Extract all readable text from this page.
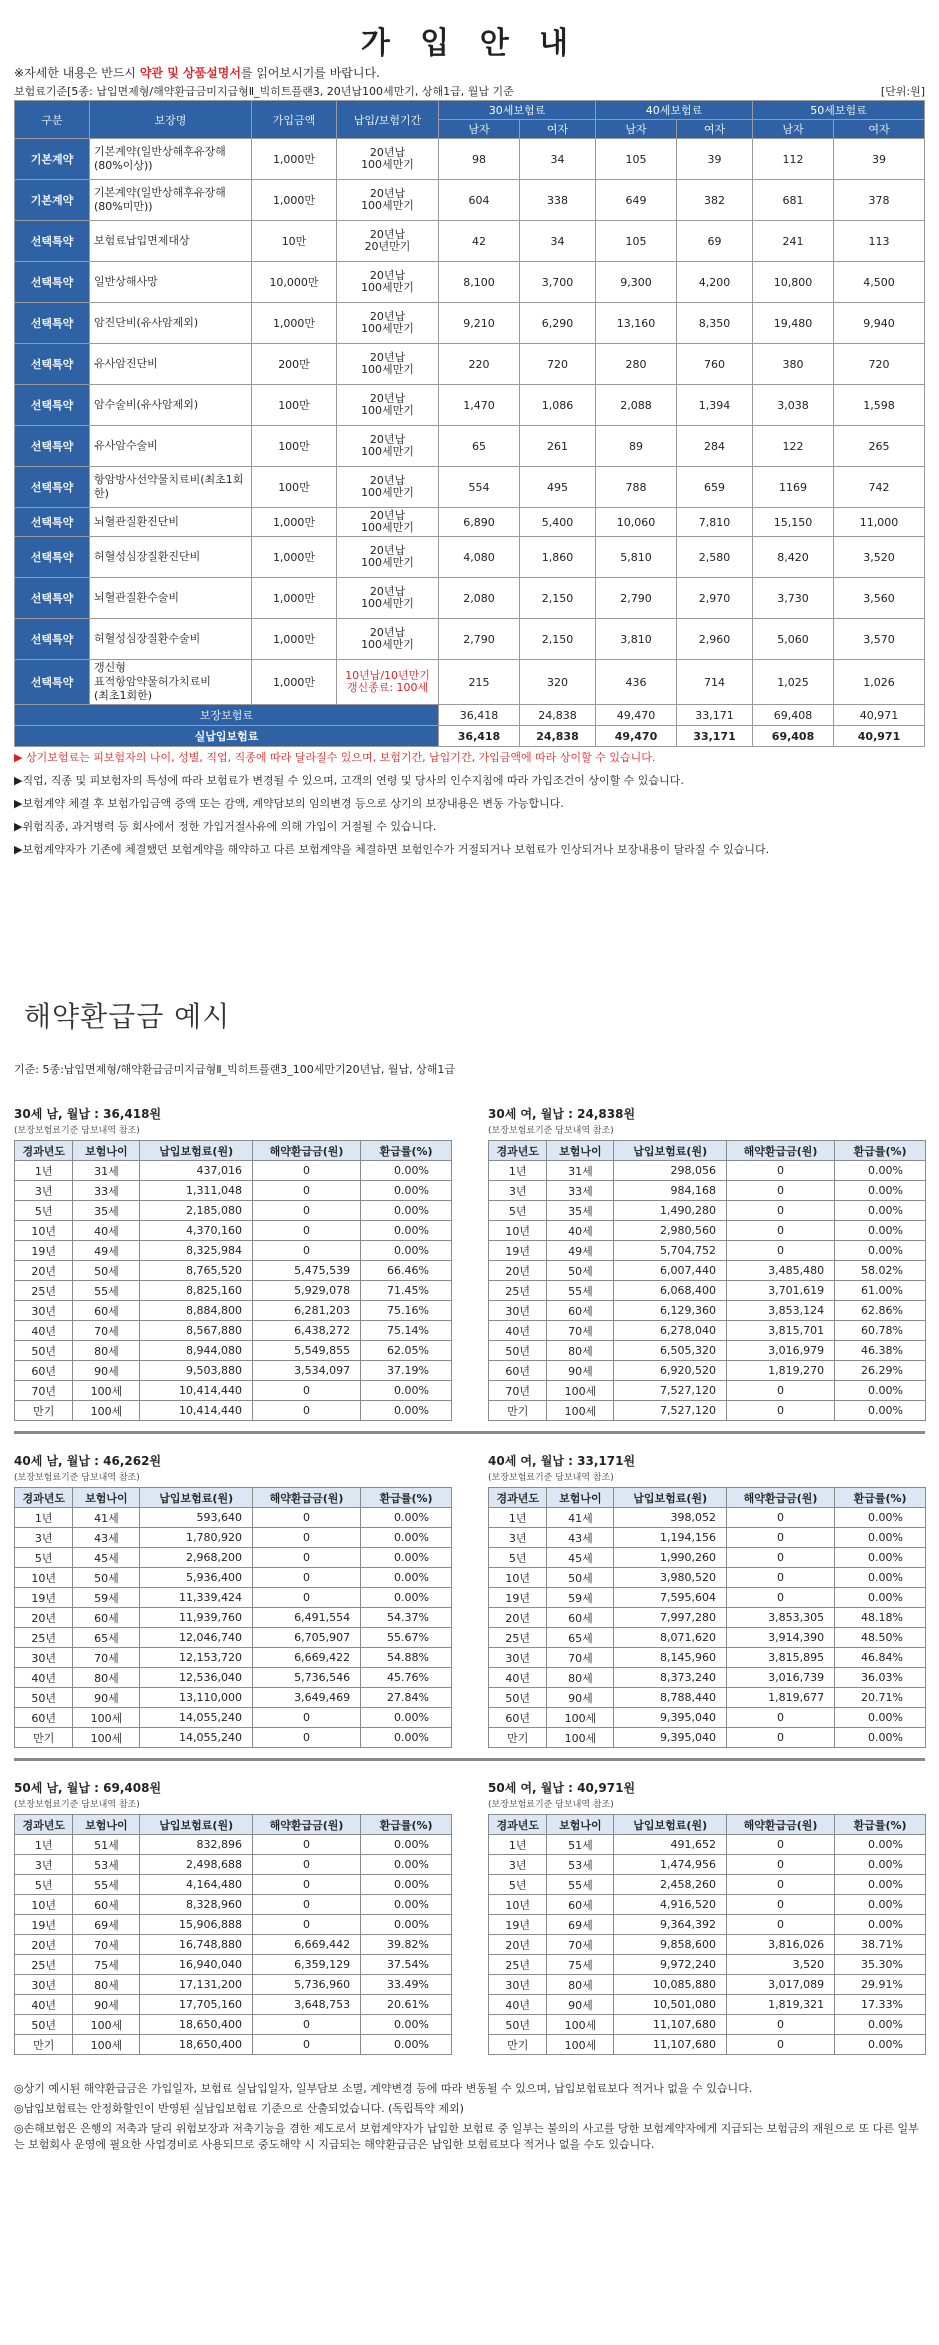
가 입 안 내
※자세한 내용은 반드시 약관 및 상품설명서를 읽어보시기를 바랍니다.
보험료기준[5종: 납입면제형/해약환급금미지급형Ⅱ_빅히트플랜3, 20년납100세만기, 상해1급, 월납 기준	[단위:원]
구분	보장명	가입금액	납입/보험기간	30세보험료		40세보험료		50세보험료	
				남자	여자	남자	여자	남자	여자
기본계약	기본계약(일반상해후유장해(80%이상))	1,000만	20년납
100세만기	98	34	105	39	112	39
기본계약	기본계약(일반상해후유장해(80%미만))	1,000만	20년납
100세만기	604	338	649	382	681	378
선택특약	보험료납입면제대상	10만	20년납
20년만기	42	34	105	69	241	113
선택특약	일반상해사망	10,000만	20년납
100세만기	8,100	3,700	9,300	4,200	10,800	4,500
선택특약	암진단비(유사암제외)	1,000만	20년납
100세만기	9,210	6,290	13,160	8,350	19,480	9,940
선택특약	유사암진단비	200만	20년납
100세만기	220	720	280	760	380	720
선택특약	암수술비(유사암제외)	100만	20년납
100세만기	1,470	1,086	2,088	1,394	3,038	1,598
선택특약	유사암수술비	100만	20년납
100세만기	65	261	89	284	122	265
선택특약	항암방사선약물치료비(최초1회한)	100만	20년납
100세만기	554	495	788	659	1169	742
선택특약	뇌혈관질환진단비	1,000만	20년납
100세만기	6,890	5,400	10,060	7,810	15,150	11,000
선택특약	허혈성심장질환진단비	1,000만	20년납
100세만기	4,080	1,860	5,810	2,580	8,420	3,520
선택특약	뇌혈관질환수술비	1,000만	20년납
100세만기	2,080	2,150	2,790	2,970	3,730	3,560
선택특약	허혈성심장질환수술비	1,000만	20년납
100세만기	2,790	2,150	3,810	2,960	5,060	3,570
선택특약	갱신형
표적항암약물허가치료비
(최초1회한)	1,000만	10년납/10년만기
갱신종료: 100세	215	320	436	714	1,025	1,026
보장보험료				36,418	24,838	49,470	33,171	69,408	40,971
실납입보험료				36,418	24,838	49,470	33,171	69,408	40,971

▶ 상기보험료는 피보험자의 나이, 성별, 직업, 직종에 따라 달라질수 있으며, 보험기간, 납입기간, 가입금액에 따라 상이할 수 있습니다.

▶직업, 직종 및 피보험자의 특성에 따라 보험료가 변경될 수 있으며, 고객의 연령 및 당사의 인수지침에 따라 가입조건이 상이할 수 있습니다.

▶보험계약 체결 후 보험가입금액 증액 또는 감액, 계약담보의 임의변경 등으로 상기의 보장내용은 변동 가능합니다.

▶위험직종, 과거병력 등 회사에서 정한 가입거절사유에 의해 가입이 거절될 수 있습니다.

▶보험계약자가 기존에 체결했던 보험계약을 해약하고 다른 보험계약을 체결하면 보험인수가 거절되거나 보험료가 인상되거나 보장내용이 달라질 수 있습니다.

해약환급금 예시
기준: 5종:납입면제형/해약환급금미지급형Ⅱ_빅히트플랜3_100세만기20년납, 월납, 상해1급
30세 남, 월납 : 36,418원
(보장보험료기준 담보내역 참조)
경과년도	보험나이	납입보험료(원)	해약환급금(원)	환급률(%)
1년	31세	437,016	0	0.00%
3년	33세	1,311,048	0	0.00%
5년	35세	2,185,080	0	0.00%
10년	40세	4,370,160	0	0.00%
19년	49세	8,325,984	0	0.00%
20년	50세	8,765,520	5,475,539	66.46%
25년	55세	8,825,160	5,929,078	71.45%
30년	60세	8,884,800	6,281,203	75.16%
40년	70세	8,567,880	6,438,272	75.14%
50년	80세	8,944,080	5,549,855	62.05%
60년	90세	9,503,880	3,534,097	37.19%
70년	100세	10,414,440	0	0.00%
만기	100세	10,414,440	0	0.00%
30세 여, 월납 : 24,838원
(보장보험료기준 담보내역 참조)
경과년도	보험나이	납입보험료(원)	해약환급금(원)	환급률(%)
1년	31세	298,056	0	0.00%
3년	33세	984,168	0	0.00%
5년	35세	1,490,280	0	0.00%
10년	40세	2,980,560	0	0.00%
19년	49세	5,704,752	0	0.00%
20년	50세	6,007,440	3,485,480	58.02%
25년	55세	6,068,400	3,701,619	61.00%
30년	60세	6,129,360	3,853,124	62.86%
40년	70세	6,278,040	3,815,701	60.78%
50년	80세	6,505,320	3,016,979	46.38%
60년	90세	6,920,520	1,819,270	26.29%
70년	100세	7,527,120	0	0.00%
만기	100세	7,527,120	0	0.00%
40세 남, 월납 : 46,262원
(보장보험료기준 담보내역 참조)
경과년도	보험나이	납입보험료(원)	해약환급금(원)	환급률(%)
1년	41세	593,640	0	0.00%
3년	43세	1,780,920	0	0.00%
5년	45세	2,968,200	0	0.00%
10년	50세	5,936,400	0	0.00%
19년	59세	11,339,424	0	0.00%
20년	60세	11,939,760	6,491,554	54.37%
25년	65세	12,046,740	6,705,907	55.67%
30년	70세	12,153,720	6,669,422	54.88%
40년	80세	12,536,040	5,736,546	45.76%
50년	90세	13,110,000	3,649,469	27.84%
60년	100세	14,055,240	0	0.00%
만기	100세	14,055,240	0	0.00%
40세 여, 월납 : 33,171원
(보장보험료기준 담보내역 참조)
경과년도	보험나이	납입보험료(원)	해약환급금(원)	환급률(%)
1년	41세	398,052	0	0.00%
3년	43세	1,194,156	0	0.00%
5년	45세	1,990,260	0	0.00%
10년	50세	3,980,520	0	0.00%
19년	59세	7,595,604	0	0.00%
20년	60세	7,997,280	3,853,305	48.18%
25년	65세	8,071,620	3,914,390	48.50%
30년	70세	8,145,960	3,815,895	46.84%
40년	80세	8,373,240	3,016,739	36.03%
50년	90세	8,788,440	1,819,677	20.71%
60년	100세	9,395,040	0	0.00%
만기	100세	9,395,040	0	0.00%
50세 남, 월납 : 69,408원
(보장보험료기준 담보내역 참조)
경과년도	보험나이	납입보험료(원)	해약환급금(원)	환급률(%)
1년	51세	832,896	0	0.00%
3년	53세	2,498,688	0	0.00%
5년	55세	4,164,480	0	0.00%
10년	60세	8,328,960	0	0.00%
19년	69세	15,906,888	0	0.00%
20년	70세	16,748,880	6,669,442	39.82%
25년	75세	16,940,040	6,359,129	37.54%
30년	80세	17,131,200	5,736,960	33.49%
40년	90세	17,705,160	3,648,753	20.61%
50년	100세	18,650,400	0	0.00%
만기	100세	18,650,400	0	0.00%
50세 여, 월납 : 40,971원
(보장보험료기준 담보내역 참조)
경과년도	보험나이	납입보험료(원)	해약환급금(원)	환급률(%)
1년	51세	491,652	0	0.00%
3년	53세	1,474,956	0	0.00%
5년	55세	2,458,260	0	0.00%
10년	60세	4,916,520	0	0.00%
19년	69세	9,364,392	0	0.00%
20년	70세	9,858,600	3,816,026	38.71%
25년	75세	9,972,240	3,520	35.30%
30년	80세	10,085,880	3,017,089	29.91%
40년	90세	10,501,080	1,819,321	17.33%
50년	100세	11,107,680	0	0.00%
만기	100세	11,107,680	0	0.00%

◎상기 예시된 해약환급금은 가입일자, 보험료 실납입일자, 일부담보 소멸, 계약변경 등에 따라 변동될 수 있으며, 납입보험료보다 적거나 없을 수 있습니다.

◎납입보험료는 안정화할인이 반영된 실납입보험료 기준으로 산출되었습니다. (독립특약 제외)

◎손해보험은 은행의 저축과 달리 위험보장과 저축기능을 겸한 제도로서 보험계약자가 납입한 보험료 중 일부는 불의의 사고를 당한 보험계약자에게 지급되는 보험금의 재원으로 또 다른 일부는 보험회사 운영에 필요한 사업경비로 사용되므로 중도해약 시 지급되는 해약환급금은 납입한 보험료보다 적거나 없을 수도 있습니다.
